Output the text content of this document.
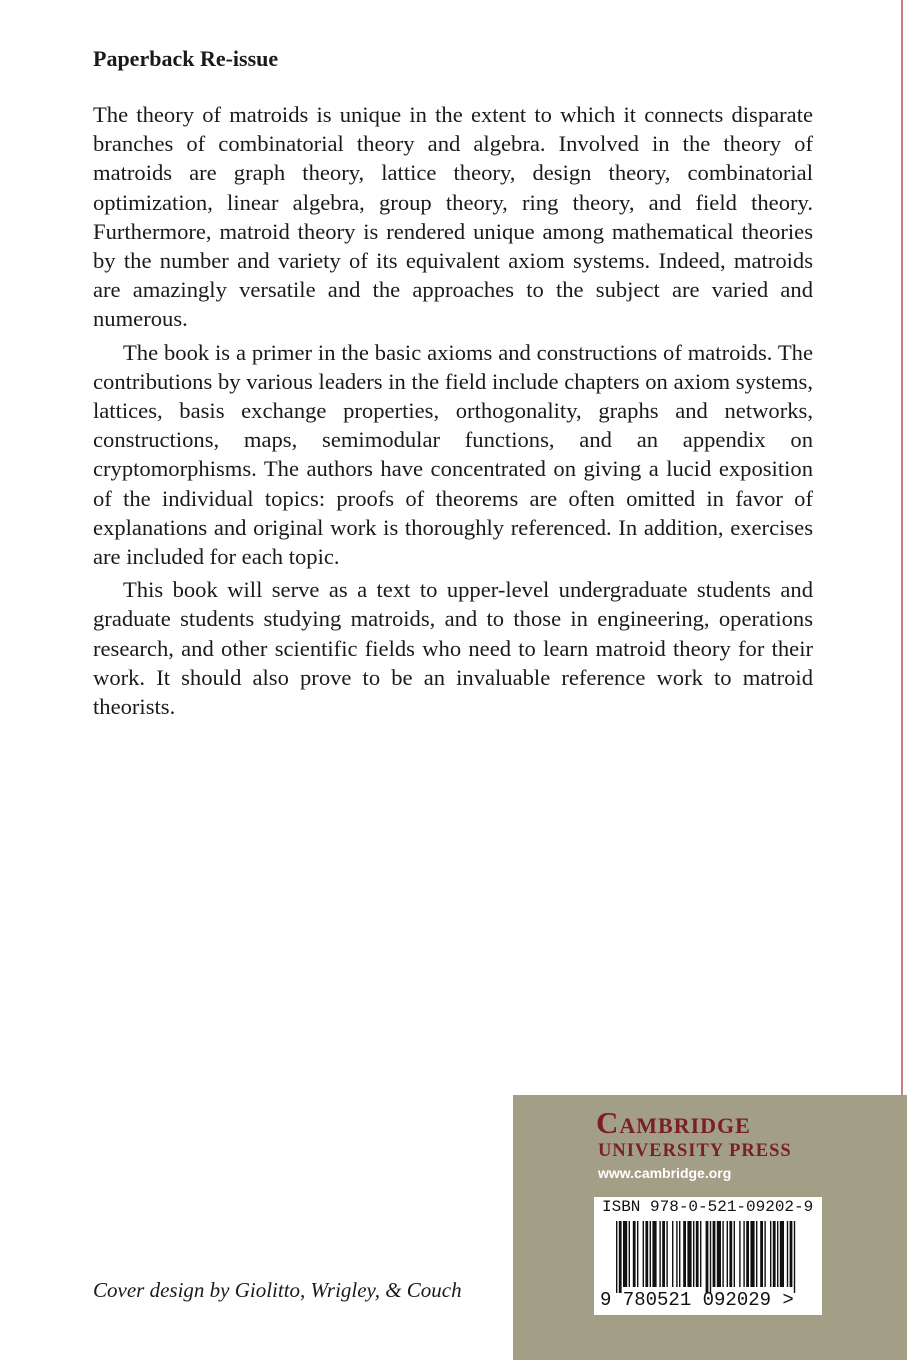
Paperback Re-issue

The theory of matroids is unique in the extent to which it connects disparate branches of combinatorial theory and algebra. Involved in the theory of matroids are graph theory, lattice theory, design theory, combinatorial optimization, linear algebra, group theory, ring theory, and field theory. Furthermore, matroid theory is rendered unique among mathematical theories by the number and variety of its equivalent axiom systems. Indeed, matroids are amazingly versatile and the approaches to the subject are varied and numerous.

The book is a primer in the basic axioms and constructions of matroids. The contributions by various leaders in the field include chapters on axiom systems, lattices, basis exchange properties, orthogonality, graphs and networks, constructions, maps, semimodular functions, and an appendix on cryptomorphisms. The authors have concentrated on giving a lucid exposition of the individual topics: proofs of theorems are often omitted in favor of explanations and original work is thoroughly referenced. In addition, exercises are included for each topic.

This book will serve as a text to upper-level undergraduate students and graduate students studying matroids, and to those in engineering, operations research, and other scientific fields who need to learn matroid theory for their work. It should also prove to be an invaluable reference work to matroid theorists.

Cover design by Giolitto, Wrigley, & Couch
Cambridge
UNIVERSITY PRESS
www.cambridge.org
ISBN 978-0-521-09202-9
9 780521 092029 >
